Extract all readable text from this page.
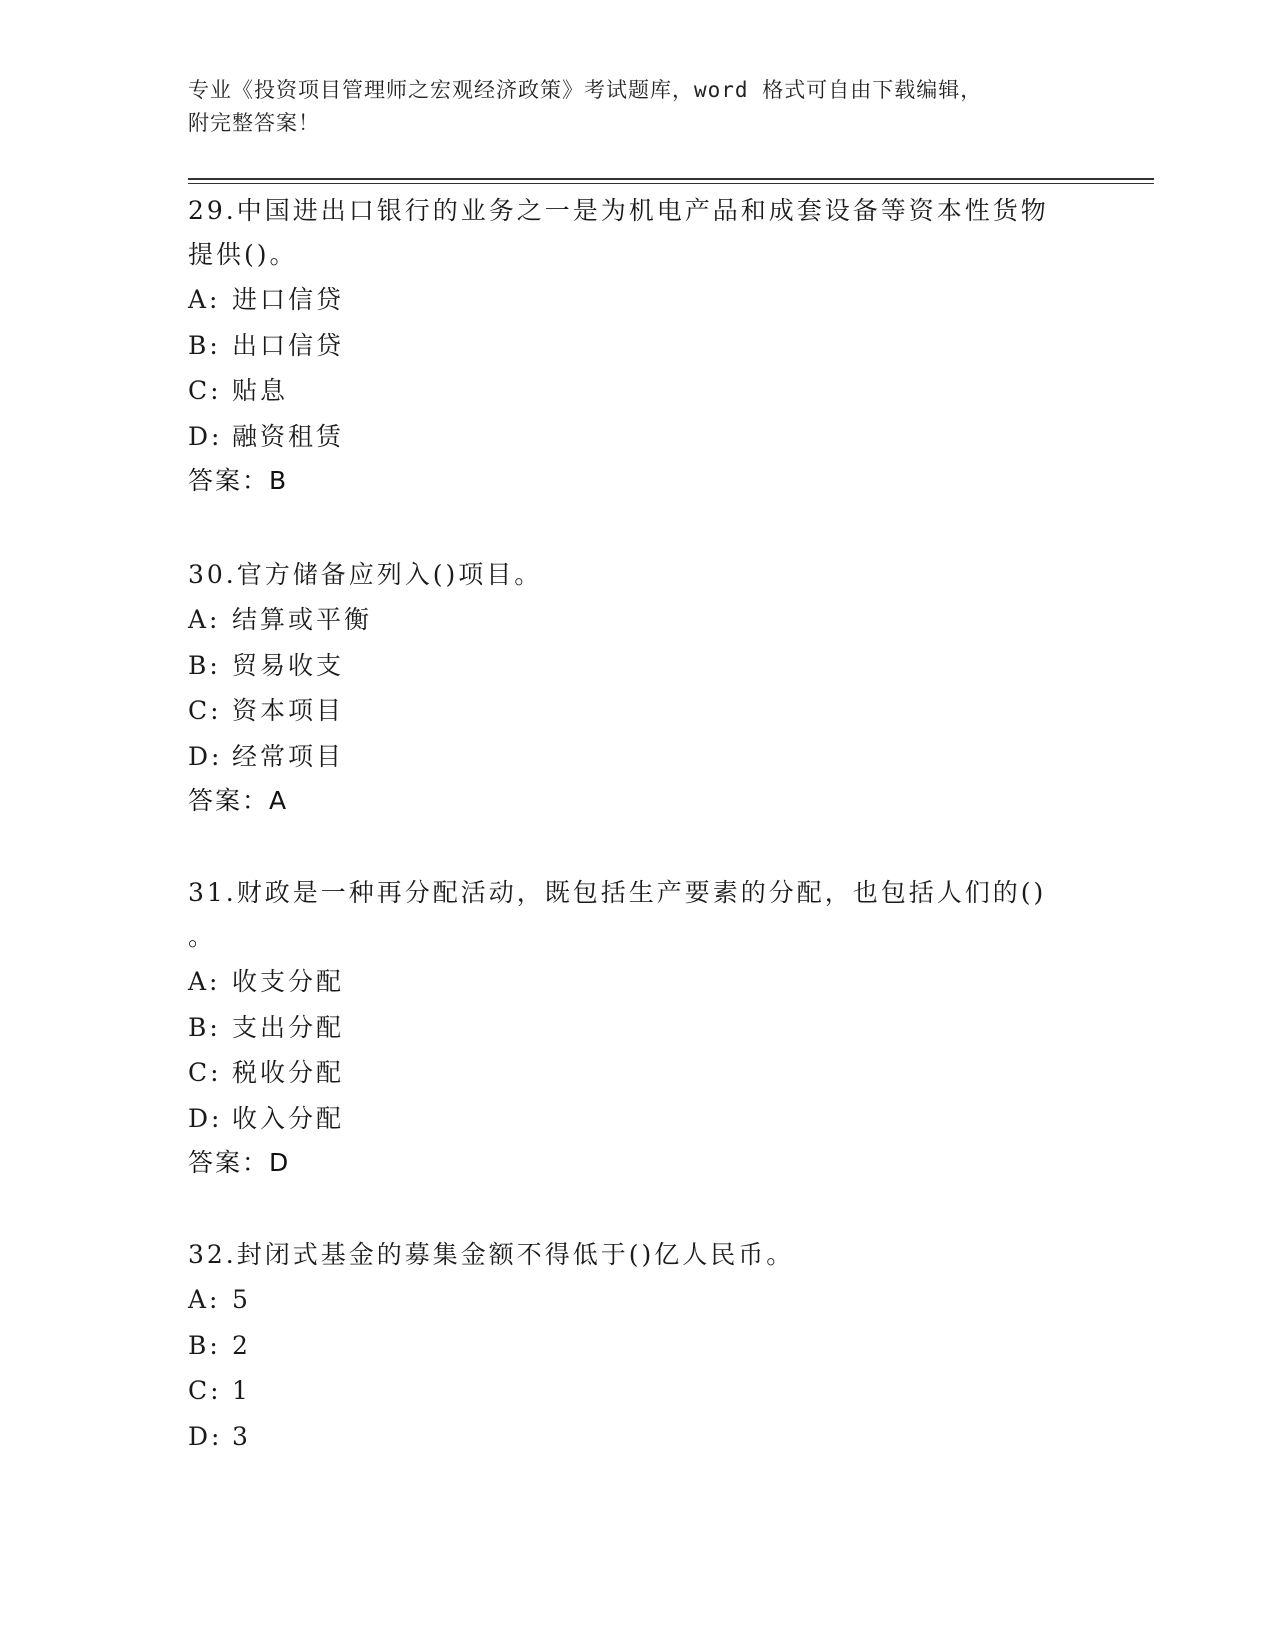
专业《投资项目管理师之宏观经济政策》考试题库，word 格式可自由下载编辑，
附完整答案！
29.中国进出口银行的业务之一是为机电产品和成套设备等资本性货物
提供()。
A: 进口信贷
B: 出口信贷
C: 贴息
D: 融资租赁
答案：B
30.官方储备应列入()项目。
A: 结算或平衡
B: 贸易收支
C: 资本项目
D: 经常项目
答案：A
31.财政是一种再分配活动，既包括生产要素的分配，也包括人们的()
。
A: 收支分配
B: 支出分配
C: 税收分配
D: 收入分配
答案：D
32.封闭式基金的募集金额不得低于()亿人民币。
A: 5
B: 2
C: 1
D: 3
